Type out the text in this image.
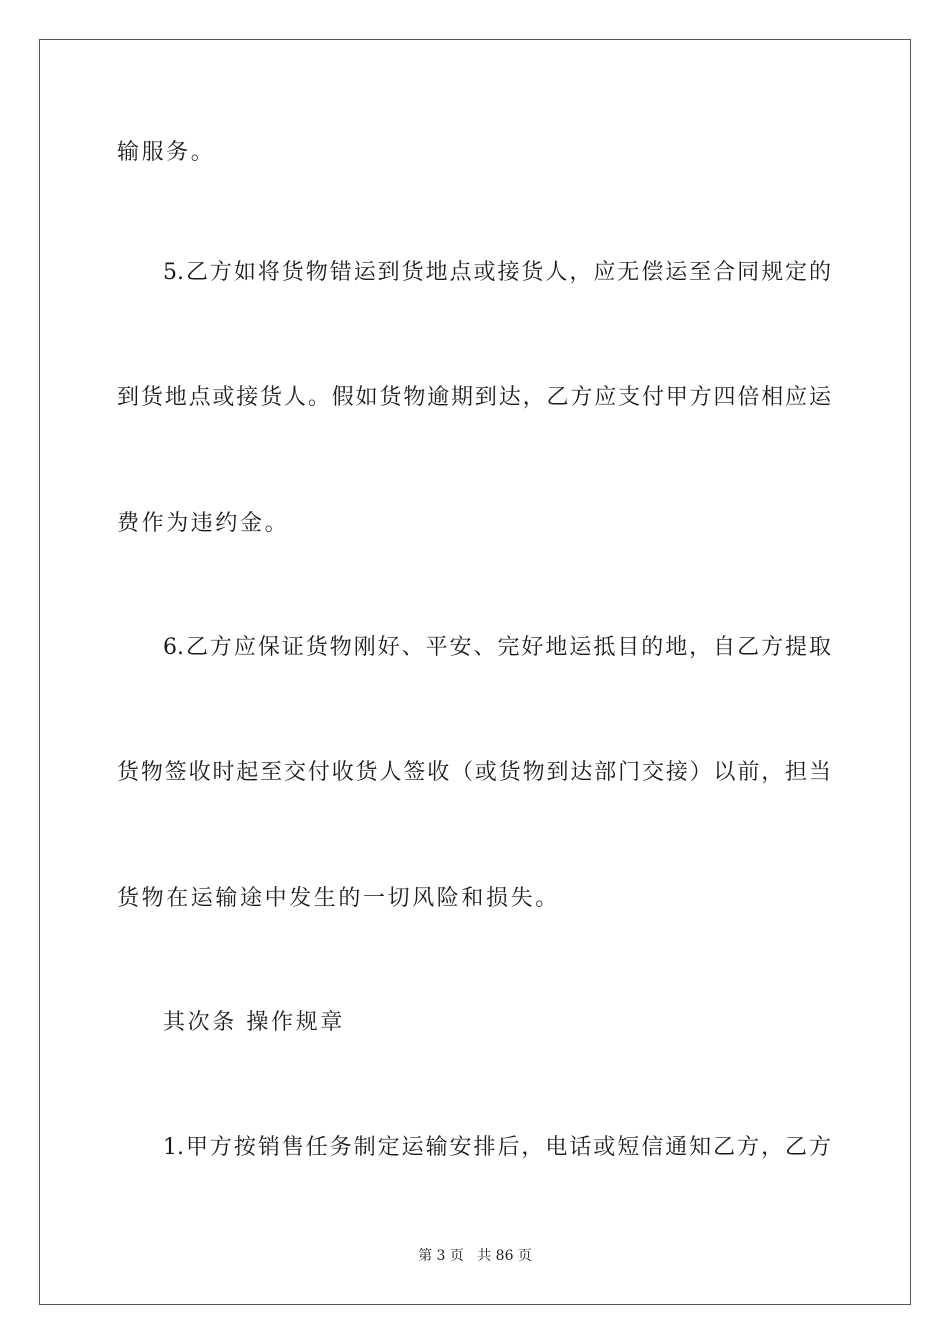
输服务。
5.乙方如将货物错运到货地点或接货人，应无偿运至合同规定的
到货地点或接货人。假如货物逾期到达，乙方应支付甲方四倍相应运
费作为违约金。
6.乙方应保证货物刚好、平安、完好地运抵目的地，自乙方提取
货物签收时起至交付收货人签收（或货物到达部门交接）以前，担当
货物在运输途中发生的一切风险和损失。
其次条 操作规章
1.甲方按销售任务制定运输安排后，电话或短信通知乙方，乙方
第 3 页   共 86 页
